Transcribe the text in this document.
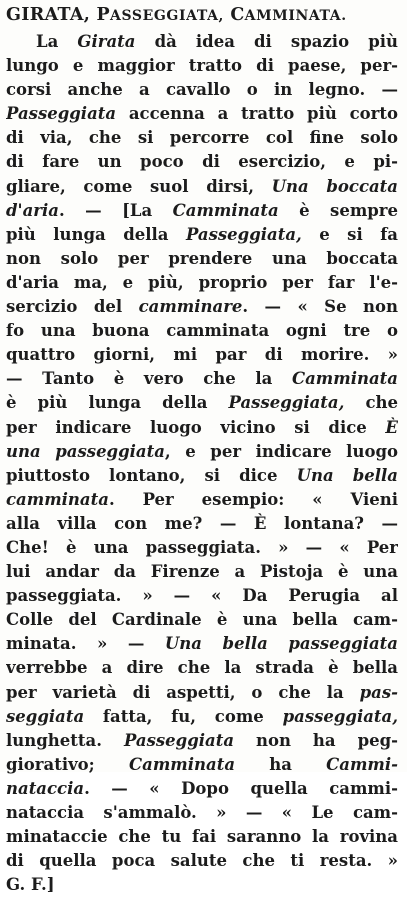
GIRATA, PASSEGGIATA, CAMMINATA.
La Girata dà idea di spazio più
lungo e maggior tratto di paese, per-
corsi anche a cavallo o in legno. —
Passeggiata accenna a tratto più corto
di via, che si percorre col fine solo
di fare un poco di esercizio, e pi-
gliare, come suol dirsi, Una boccata
d'aria. — [La Camminata è sempre
più lunga della Passeggiata, e si fa
non solo per prendere una boccata
d'aria ma, e più, proprio per far l'e-
sercizio del camminare. — « Se non
fo una buona camminata ogni tre o
quattro giorni, mi par di morire. »
— Tanto è vero che la Camminata
è più lunga della Passeggiata, che
per indicare luogo vicino si dice È
una passeggiata, e per indicare luogo
piuttosto lontano, si dice Una bella
camminata. Per esempio: « Vieni
alla villa con me? — È lontana? —
Che! è una passeggiata. » — « Per
lui andar da Firenze a Pistoja è una
passeggiata. » — « Da Perugia al
Colle del Cardinale è una bella cam-
minata. » — Una bella passeggiata
verrebbe a dire che la strada è bella
per varietà di aspetti, o che la pas-
seggiata fatta, fu, come passeggiata,
lunghetta. Passeggiata non ha peg-
giorativo; Camminata ha Cammi-
nataccia. — « Dopo quella cammi-
nataccia s'ammalò. » — « Le cam-
minataccie che tu fai saranno la rovina
di quella poca salute che ti resta. »
G. F.]
